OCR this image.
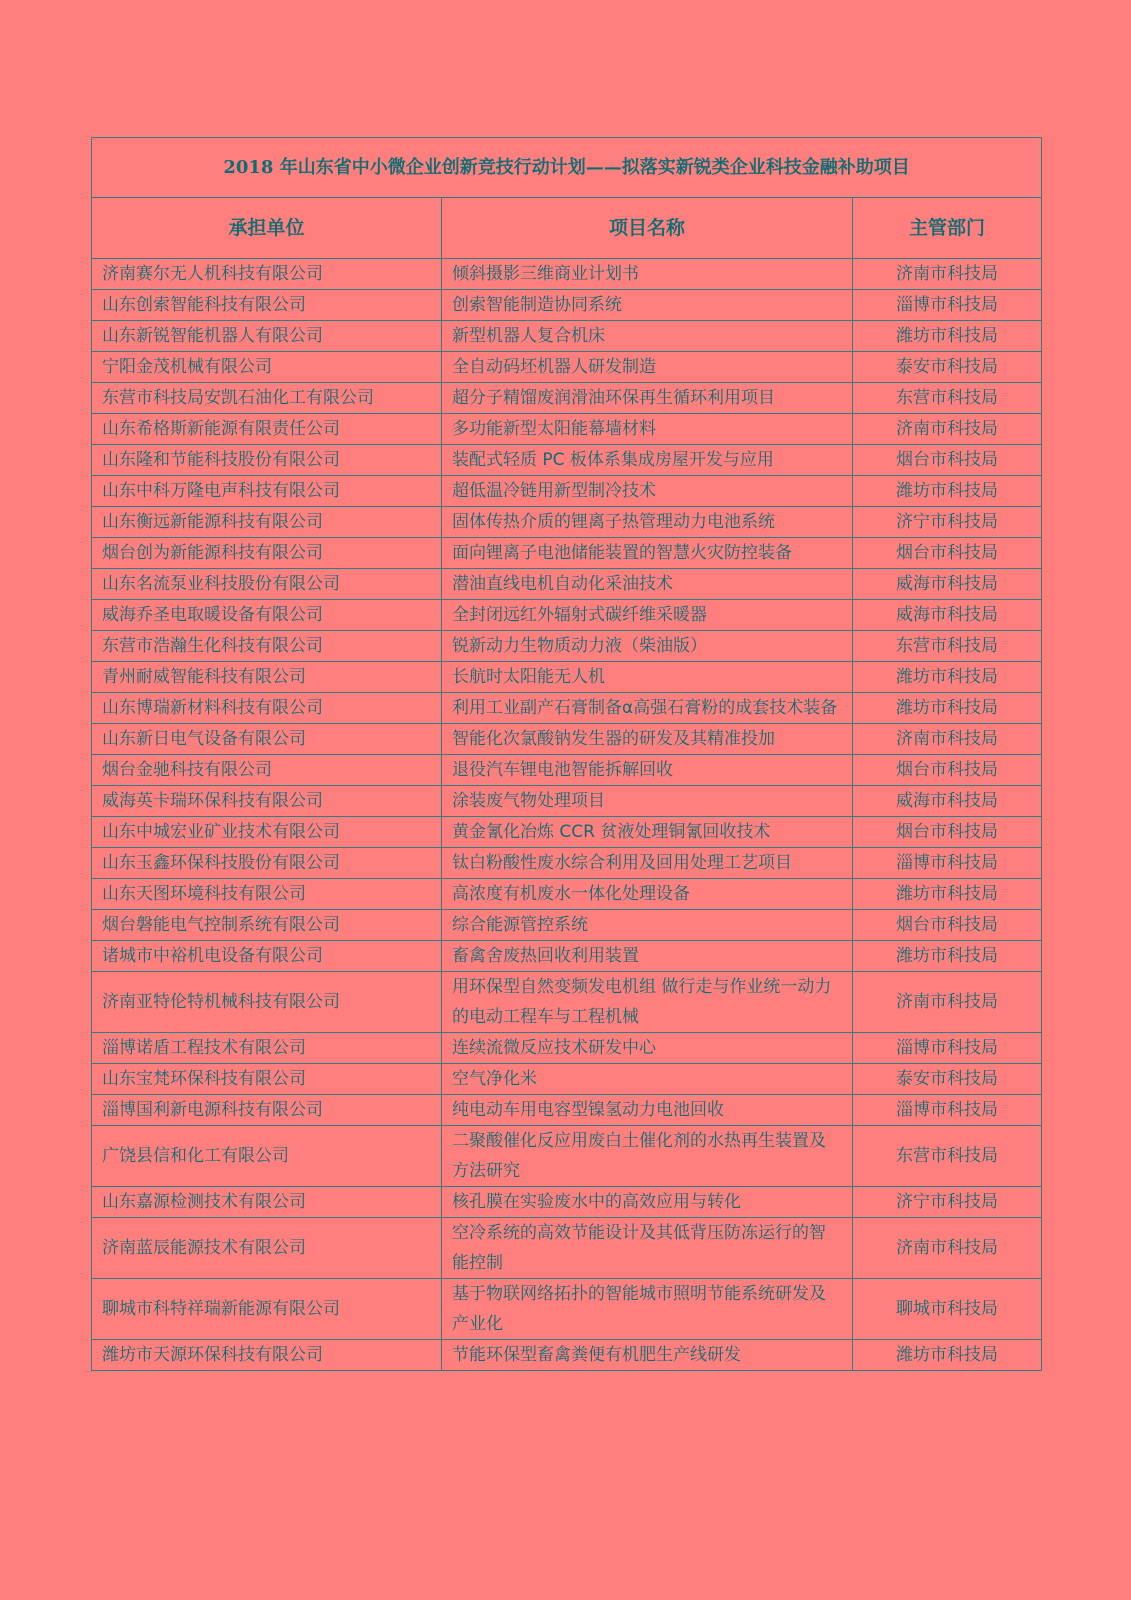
2018 年山东省中小微企业创新竞技行动计划——拟落实新锐类企业科技金融补助项目		
承担单位	项目名称	主管部门
济南赛尔无人机科技有限公司	倾斜摄影三维商业计划书	济南市科技局
山东创索智能科技有限公司	创索智能制造协同系统	淄博市科技局
山东新锐智能机器人有限公司	新型机器人复合机床	潍坊市科技局
宁阳金茂机械有限公司	全自动码坯机器人研发制造	泰安市科技局
东营市科技局安凯石油化工有限公司	超分子精馏废润滑油环保再生循环利用项目	东营市科技局
山东希格斯新能源有限责任公司	多功能新型太阳能幕墙材料	济南市科技局
山东隆和节能科技股份有限公司	装配式轻质 PC 板体系集成房屋开发与应用	烟台市科技局
山东中科万隆电声科技有限公司	超低温冷链用新型制冷技术	潍坊市科技局
山东衡远新能源科技有限公司	固体传热介质的锂离子热管理动力电池系统	济宁市科技局
烟台创为新能源科技有限公司	面向锂离子电池储能装置的智慧火灾防控装备	烟台市科技局
山东名流泵业科技股份有限公司	潜油直线电机自动化采油技术	威海市科技局
威海乔圣电取暖设备有限公司	全封闭远红外辐射式碳纤维采暖器	威海市科技局
东营市浩瀚生化科技有限公司	锐新动力生物质动力液（柴油版）	东营市科技局
青州耐威智能科技有限公司	长航时太阳能无人机	潍坊市科技局
山东博瑞新材料科技有限公司	利用工业副产石膏制备α高强石膏粉的成套技术装备	潍坊市科技局
山东新日电气设备有限公司	智能化次氯酸钠发生器的研发及其精准投加	济南市科技局
烟台金驰科技有限公司	退役汽车锂电池智能拆解回收	烟台市科技局
威海英卡瑞环保科技有限公司	涂装废气物处理项目	威海市科技局
山东中城宏业矿业技术有限公司	黄金氰化冶炼 CCR 贫液处理铜氰回收技术	烟台市科技局
山东玉鑫环保科技股份有限公司	钛白粉酸性废水综合利用及回用处理工艺项目	淄博市科技局
山东天图环境科技有限公司	高浓度有机废水一体化处理设备	潍坊市科技局
烟台磐能电气控制系统有限公司	综合能源管控系统	烟台市科技局
诸城市中裕机电设备有限公司	畜禽舍废热回收利用装置	潍坊市科技局
济南亚特伦特机械科技有限公司	用环保型自然变频发电机组 做行走与作业统一动力的电动工程车与工程机械	济南市科技局
淄博诺盾工程技术有限公司	连续流微反应技术研发中心	淄博市科技局
山东宝梵环保科技有限公司	空气净化米	泰安市科技局
淄博国利新电源科技有限公司	纯电动车用电容型镍氢动力电池回收	淄博市科技局
广饶县信和化工有限公司	二聚酸催化反应用废白土催化剂的水热再生装置及方法研究	东营市科技局
山东嘉源检测技术有限公司	核孔膜在实验废水中的高效应用与转化	济宁市科技局
济南蓝辰能源技术有限公司	空冷系统的高效节能设计及其低背压防冻运行的智能控制	济南市科技局
聊城市科特祥瑞新能源有限公司	基于物联网络拓扑的智能城市照明节能系统研发及产业化	聊城市科技局
潍坊市天源环保科技有限公司	节能环保型畜禽粪便有机肥生产线研发	潍坊市科技局
